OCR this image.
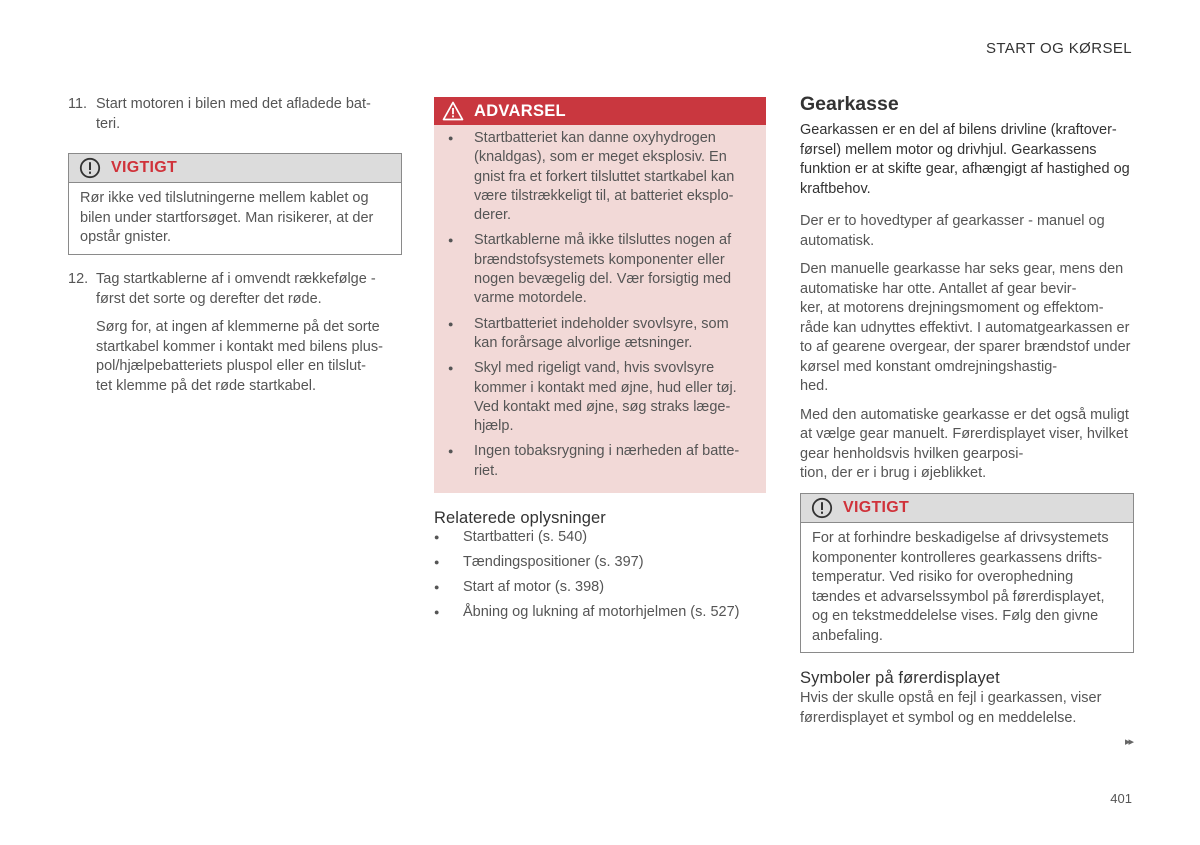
START OG KØRSEL
11. Start motoren i bilen med det afladede bat-
teri.

VIGTIGT

Rør ikke ved tilslutningerne mellem kablet og bilen under startforsøget. Man risikerer, at der opstår gnister.

12. Tag startkablerne af i omvendt rækkefølge - først det sorte og derefter det røde.

Sørg for, at ingen af klemmerne på det sorte startkabel kommer i kontakt med bilens plus-
pol/hjælpebatteriets pluspol eller en tilslut-
tet klemme på det røde startkabel.

ADVARSEL
● Startbatteriet kan danne oxyhydrogen (knaldgas), som er meget eksplosiv. En gnist fra et forkert tilsluttet startkabel kan være tilstrækkeligt til, at batteriet eksplo-
derer.
● Startkablerne må ikke tilsluttes nogen af brændstofsystemets komponenter eller nogen bevægelig del. Vær forsigtig med varme motordele.
● Startbatteriet indeholder svovlsyre, som kan forårsage alvorlige ætsninger.
● Skyl med rigeligt vand, hvis svovlsyre kommer i kontakt med øjne, hud eller tøj. Ved kontakt med øjne, søg straks læge-
hjælp.
● Ingen tobaksrygning i nærheden af batte-
riet.
Relaterede oplysninger
● Startbatteri (s. 540)
● Tændingspositioner (s. 397)
● Start af motor (s. 398)
● Åbning og lukning af motorhjelmen (s. 527)
Gearkasse

Gearkassen er en del af bilens drivline (kraftover-
førsel) mellem motor og drivhjul. Gearkassens funktion er at skifte gear, afhængigt af hastighed og kraftbehov.

Der er to hovedtyper af gearkasser - manuel og automatisk.

Den manuelle gearkasse har seks gear, mens den automatiske har otte. Antallet af gear bevir-
ker, at motorens drejningsmoment og effektom-
råde kan udnyttes effektivt. I automatgearkassen er to af gearene overgear, der sparer brændstof under kørsel med konstant omdrejningshastig-
hed.

Med den automatiske gearkasse er det også muligt at vælge gear manuelt. Førerdisplayet viser, hvilket gear henholdsvis hvilken gearposi-
tion, der er i brug i øjeblikket.

VIGTIGT

For at forhindre beskadigelse af drivsystemets komponenter kontrolleres gearkassens drifts-
temperatur. Ved risiko for overophedning tændes et advarselssymbol på førerdisplayet, og en tekstmeddelelse vises. Følg den givne anbefaling.

Symboler på førerdisplayet

Hvis der skulle opstå en fejl i gearkassen, viser førerdisplayet et symbol og en meddelelse.

▸▸
401
